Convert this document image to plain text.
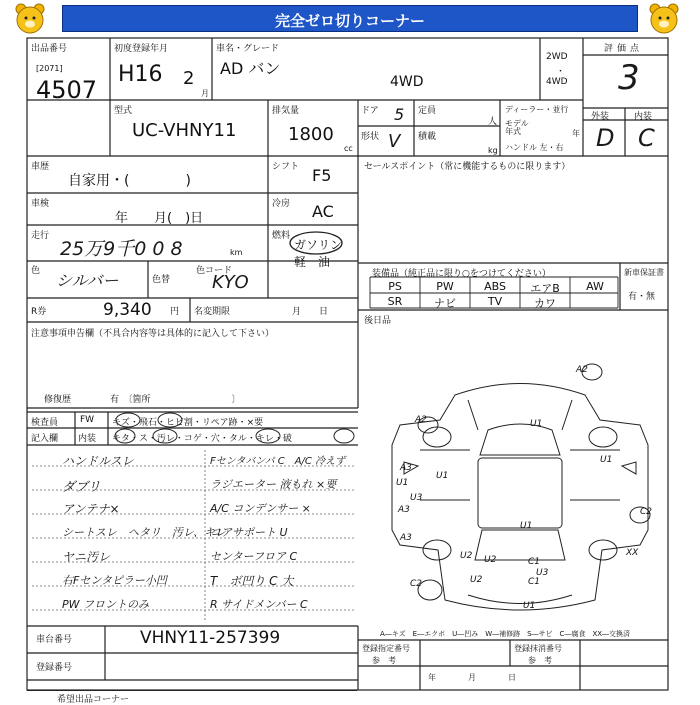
完全ゼロ切りコーナー
出品番号
[2071]
4507
初度登録年月
H16 2
月
車名・グレード
AD バン
4WD
2WD
・
4WD
評価点
3
型式
UC-VHNY11
排気量
1800
cc
ドア 5
形状 V
定員
人
積載
kg
ディーラー・並行
モデル年式	年
ハンドル 左・右
外装	内装
D C
車歴
自家用・(　　　　)
シフト F5
車検
年　　月(　)日
冷房 AC
走行
25万9千0 0 8	km
燃料
ガソリン
軽　油
色 シルバー	色替
色コード
KYO
R券	9,340 円 名変期限	月　　日
注意事項申告欄（不具合内容等は具体的に記入して下さい）
修復歴	有　〔箇所　　　　　　　　　〕
セールスポイント（常に機能するものに限ります）
装備品（純正品に限り○をつけてください）	新車保証書
有・無
PS	PW	ABS	エアB	AW
SR	ナビ	TV	カワ
後日品
検査員
記入欄
FW キズ・飛石・ヒビ割・リペア跡・×要
内装 キタ・ス・汚レ・コゲ・穴・タル・キレ・破
ハンドルスレ
ダブリ
アンテナ×
シートスレ　ヘタリ　汚レ、キレ
ヤニ汚レ
右Fセンタピラー小凹
PW フロントのみ
Fセンタバンパ C　A/C 冷えず
ラジエーター 液もれ ×要
A/C コンデンサー ×
コアサポート U
センターフロア C
T　ボ凹り C 大
R サイドメンバー C
A2
A2	U1
U1
A3
U1
A3
U3
U1
U1
C2
A3
U2 U2	C1
C1
C2
U3
U2
U1
XX
車台番号	VHNY11-257399
登録番号
A―キズ　E―エクボ　U―凹み　W―補修跡　S―サビ　C―腐食　XX―交換済
登録指定番号
参　考
登録抹消番号
参　考
年　　　　月　　　　日
希望出品コーナー
